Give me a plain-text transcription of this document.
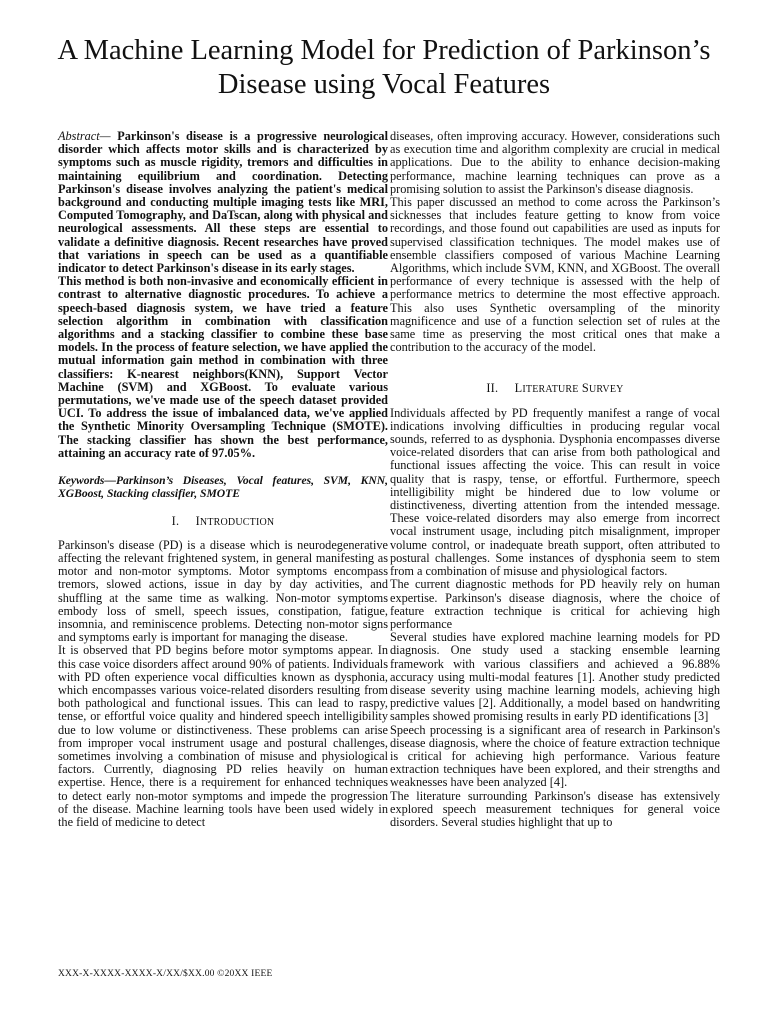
A Machine Learning Model for Prediction of Parkinson’s Disease using Vocal Features

Abstract— Parkinson's disease is a progressive neurological disorder which affects motor skills and is characterized by symptoms such as muscle rigidity, tremors and difficulties in maintaining equilibrium and coordination. Detecting Parkinson's disease involves analyzing the patient's medical background and conducting multiple imaging tests like MRI, Computed Tomography, and DaTscan, along with physical and neurological assessments. All these steps are essential to validate a definitive diagnosis. Recent researches have proved that variations in speech can be used as a quantifiable indicator to detect Parkinson's disease in its early stages.

This method is both non-invasive and economically efficient in contrast to alternative diagnostic procedures. To achieve a speech-based diagnosis system, we have tried a feature selection algorithm in combination with classification algorithms and a stacking classifier to combine these base models. In the process of feature selection, we have applied the mutual information gain method in combination with three classifiers: K-nearest neighbors(KNN), Support Vector Machine (SVM) and XGBoost. To evaluate various permutations, we've made use of the speech dataset provided UCI. To address the issue of imbalanced data, we've applied the Synthetic Minority Oversampling Technique (SMOTE). The stacking classifier has shown the best performance, attaining an accuracy rate of 97.05%.

Keywords—Parkinson’s Diseases, Vocal features, SVM, KNN, XGBoost, Stacking classifier, SMOTE

I. INTRODUCTION

Parkinson's disease (PD) is a disease which is neurodegenerative affecting the relevant frightened system, in general manifesting as motor and non-motor symptoms. Motor symptoms encompass tremors, slowed actions, issue in day by day activities, and shuffling at the same time as walking. Non-motor symptoms embody loss of smell, speech issues, constipation, fatigue, insomnia, and reminiscence problems. Detecting non-motor signs and symptoms early is important for managing the disease.

It is observed that PD begins before motor symptoms appear. In this case voice disorders affect around 90% of patients. Individuals with PD often experience vocal difficulties known as dysphonia, which encompasses various voice-related disorders resulting from both pathological and functional issues. This can lead to raspy, tense, or effortful voice quality and hindered speech intelligibility due to low volume or distinctiveness. These problems can arise from improper vocal instrument usage and postural challenges, sometimes involving a combination of misuse and physiological factors. Currently, diagnosing PD relies heavily on human expertise. Hence, there is a requirement for enhanced techniques to detect early non-motor symptoms and impede the progression of the disease. Machine learning tools have been used widely in the field of medicine to detect

diseases, often improving accuracy. However, considerations such as execution time and algorithm complexity are crucial in medical applications. Due to the ability to enhance decision-making performance, machine learning techniques can prove as a promising solution to assist the Parkinson's disease diagnosis.

This paper discussed an method to come across the Parkinson’s sicknesses that includes feature getting to know from voice recordings, and those found out capabilities are used as inputs for supervised classification techniques. The model makes use of ensemble classifiers composed of various Machine Learning Algorithms, which include SVM, KNN, and XGBoost. The overall performance of every technique is assessed with the help of performance metrics to determine the most effective approach. This also uses Synthetic oversampling of the minority magnificence and use of a function selection set of rules at the same time as preserving the most critical ones that make a contribution to the accuracy of the model.

II. LITERATURE SURVEY

Individuals affected by PD frequently manifest a range of vocal indications involving difficulties in producing regular vocal sounds, referred to as dysphonia. Dysphonia encompasses diverse voice-related disorders that can arise from both pathological and functional issues affecting the voice. This can result in voice quality that is raspy, tense, or effortful. Furthermore, speech intelligibility might be hindered due to low volume or distinctiveness, diverting attention from the intended message. These voice-related disorders may also emerge from incorrect vocal instrument usage, including pitch misalignment, improper volume control, or inadequate breath support, often attributed to postural challenges. Some instances of dysphonia seem to stem from a combination of misuse and physiological factors.

The current diagnostic methods for PD heavily rely on human expertise. Parkinson's disease diagnosis, where the choice of feature extraction technique is critical for achieving high performance

Several studies have explored machine learning models for PD diagnosis. One study used a stacking ensemble learning framework with various classifiers and achieved a 96.88% accuracy using multi-modal features [1]. Another study predicted disease severity using machine learning models, achieving high predictive values [2]. Additionally, a model based on handwriting samples showed promising results in early PD identifications [3]

Speech processing is a significant area of research in Parkinson's disease diagnosis, where the choice of feature extraction technique is critical for achieving high performance. Various feature extraction techniques have been explored, and their strengths and weaknesses have been analyzed [4].

The literature surrounding Parkinson's disease has extensively explored speech measurement techniques for general voice disorders. Several studies highlight that up to

XXX-X-XXXX-XXXX-X/XX/$XX.00 ©20XX IEEE
